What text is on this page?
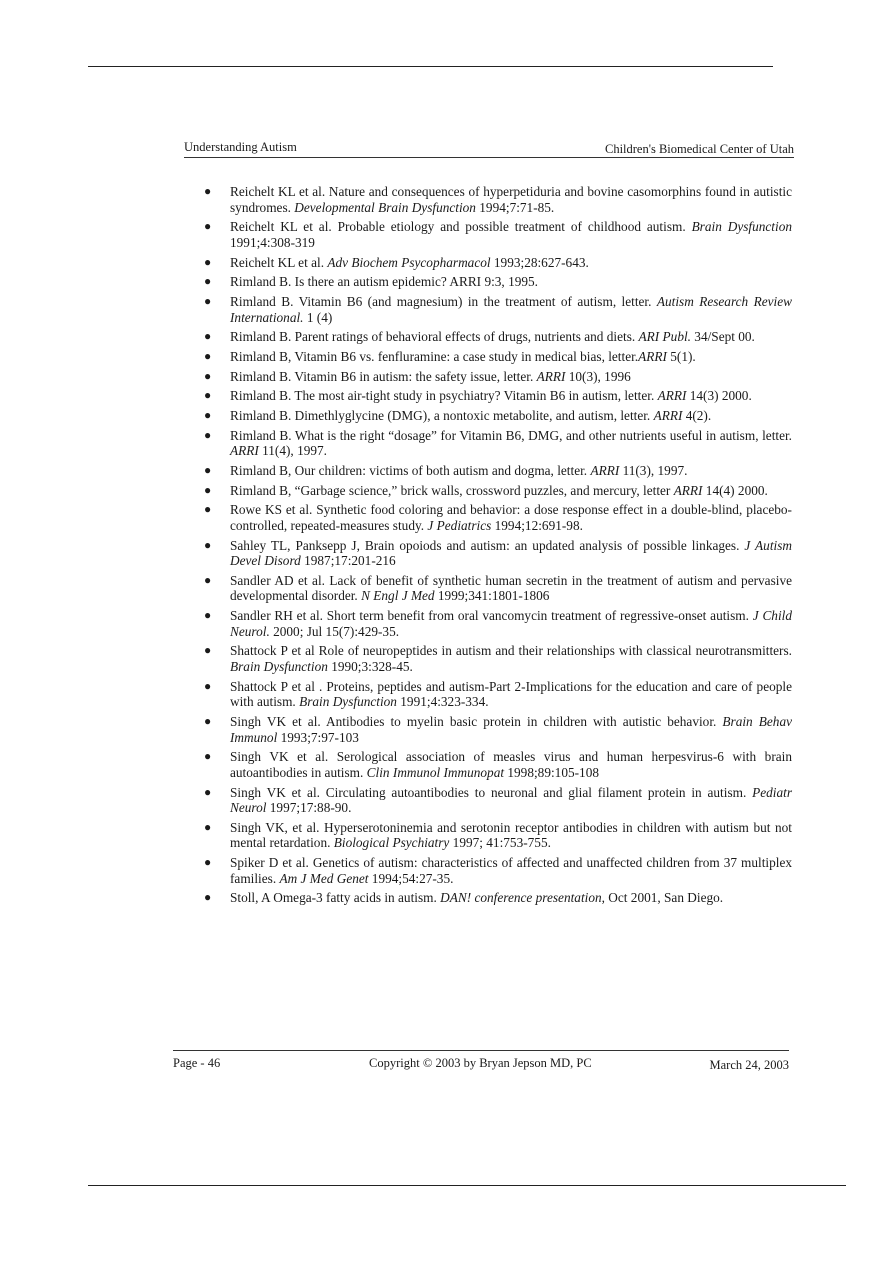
Understanding Autism	Children's Biomedical Center of Utah
● Reichelt KL et al. Nature and consequences of hyperpetiduria and bovine casomorphins found in autistic syndromes. Developmental Brain Dysfunction 1994;7:71-85.
● Reichelt KL et al. Probable etiology and possible treatment of childhood autism. Brain Dysfunction 1991;4:308-319
● Reichelt KL et al. Adv Biochem Psycopharmacol 1993;28:627-643.
● Rimland B. Is there an autism epidemic? ARRI 9:3, 1995.
● Rimland B. Vitamin B6 (and magnesium) in the treatment of autism, letter. Autism Research Review International. 1 (4)
● Rimland B. Parent ratings of behavioral effects of drugs, nutrients and diets. ARI Publ. 34/Sept 00.
● Rimland B, Vitamin B6 vs. fenfluramine: a case study in medical bias, letter.ARRI 5(1).
● Rimland B. Vitamin B6 in autism: the safety issue, letter. ARRI 10(3), 1996
● Rimland B. The most air-tight study in psychiatry? Vitamin B6 in autism, letter. ARRI 14(3) 2000.
● Rimland B. Dimethlyglycine (DMG), a nontoxic metabolite, and autism, letter. ARRI 4(2).
● Rimland B. What is the right “dosage” for Vitamin B6, DMG, and other nutrients useful in autism, letter. ARRI 11(4), 1997.
● Rimland B, Our children: victims of both autism and dogma, letter. ARRI 11(3), 1997.
● Rimland B, “Garbage science,” brick walls, crossword puzzles, and mercury, letter ARRI 14(4) 2000.
● Rowe KS et al. Synthetic food coloring and behavior: a dose response effect in a double-blind, placebo-controlled, repeated-measures study. J Pediatrics 1994;12:691-98.
● Sahley TL, Panksepp J, Brain opoiods and autism: an updated analysis of possible linkages. J Autism Devel Disord 1987;17:201-216
● Sandler AD et al. Lack of benefit of synthetic human secretin in the treatment of autism and pervasive developmental disorder. N Engl J Med 1999;341:1801-1806
● Sandler RH et al. Short term benefit from oral vancomycin treatment of regressive-onset autism. J Child Neurol. 2000; Jul 15(7):429-35.
● Shattock P et al Role of neuropeptides in autism and their relationships with classical neurotransmitters. Brain Dysfunction 1990;3:328-45.
● Shattock P et al . Proteins, peptides and autism-Part 2-Implications for the education and care of people with autism. Brain Dysfunction 1991;4:323-334.
● Singh VK et al. Antibodies to myelin basic protein in children with autistic behavior. Brain Behav Immunol 1993;7:97-103
● Singh VK et al. Serological association of measles virus and human herpesvirus-6 with brain autoantibodies in autism. Clin Immunol Immunopat 1998;89:105-108
● Singh VK et al. Circulating autoantibodies to neuronal and glial filament protein in autism. Pediatr Neurol 1997;17:88-90.
● Singh VK, et al. Hyperserotoninemia and serotonin receptor antibodies in children with autism but not mental retardation. Biological Psychiatry 1997; 41:753-755.
● Spiker D et al. Genetics of autism: characteristics of affected and unaffected children from 37 multiplex families. Am J Med Genet 1994;54:27-35.
● Stoll, A Omega-3 fatty acids in autism. DAN! conference presentation, Oct 2001, San Diego.
Page - 46	Copyright © 2003 by Bryan Jepson MD, PC	March 24, 2003
